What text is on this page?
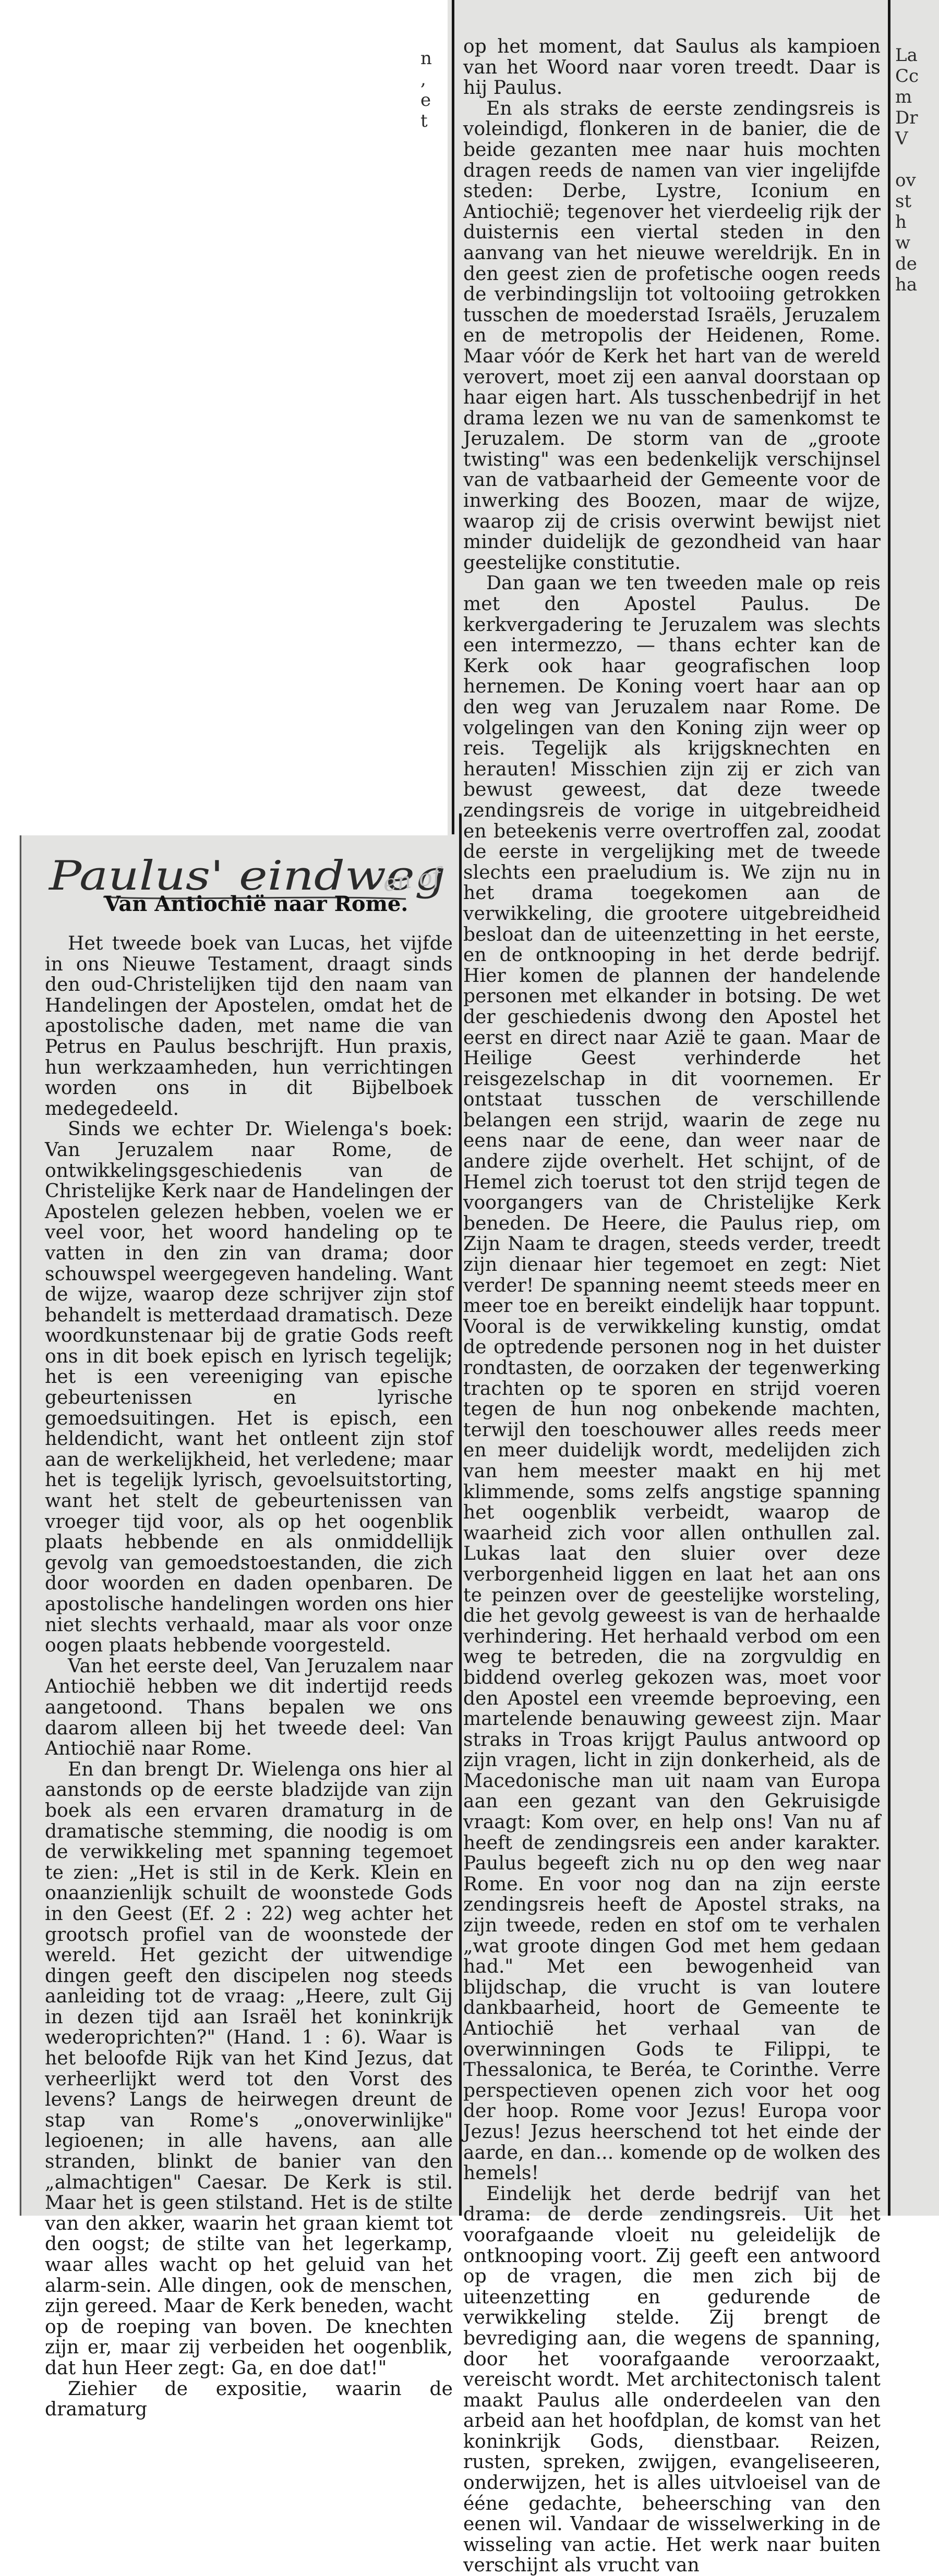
n
,
e
t
La
Cc
m
Dr
V
ov
st
h
w
de
ha
Paulus' eindweg
en of
Van Antiochië naar Rome.

op het moment, dat Saulus als kampioen van het Woord naar voren treedt. Daar is hij Paulus.

En als straks de eerste zendingsreis is voleindigd, flonkeren in de banier, die de beide gezanten mee naar huis mochten dragen reeds de namen van vier ingelijfde steden: Derbe, Lystre, Iconium en Antiochië; tegenover het vierdeelig rijk der duisternis een viertal steden in den aanvang van het nieuwe wereldrijk. En in den geest zien de profetische oogen reeds de verbindingslijn tot voltooiing getrokken tusschen de moederstad Israëls, Jeruzalem en de metropolis der Heidenen, Rome. Maar vóór de Kerk het hart van de wereld verovert, moet zij een aanval doorstaan op haar eigen hart. Als tusschenbedrijf in het drama lezen we nu van de samenkomst te Jeruzalem. De storm van de „groote twisting" was een bedenkelijk verschijnsel van de vatbaarheid der Gemeente voor de inwerking des Boozen, maar de wijze, waarop zij de crisis overwint bewijst niet minder duidelijk de gezondheid van haar geestelijke constitutie.

Dan gaan we ten tweeden male op reis met den Apostel Paulus. De kerkvergadering te Jeruzalem was slechts een intermezzo, — thans echter kan de Kerk ook haar geografischen loop hernemen. De Koning voert haar aan op den weg van Jeruzalem naar Rome. De volgelingen van den Koning zijn weer op reis. Tegelijk als krijgsknechten en herauten! Misschien zijn zij er zich van bewust geweest, dat deze tweede zendingsreis de vorige in uitgebreidheid en beteekenis verre overtroffen zal, zoodat de eerste in vergelijking met de tweede slechts een praeludium is. We zijn nu in het drama toegekomen aan de verwikkeling, die grootere uitgebreidheid besloat dan de uiteenzetting in het eerste, en de ontknooping in het derde bedrijf. Hier komen de plannen der handelende personen met elkander in botsing. De wet der geschiedenis dwong den Apostel het eerst en direct naar Azië te gaan. Maar de Heilige Geest verhinderde het reisgezelschap in dit voornemen. Er ontstaat tusschen de verschillende belangen een strijd, waarin de zege nu eens naar de eene, dan weer naar de andere zijde overhelt. Het schijnt, of de Hemel zich toerust tot den strijd tegen de voorgangers van de Christelijke Kerk beneden. De Heere, die Paulus riep, om Zijn Naam te dragen, steeds verder, treedt zijn dienaar hier tegemoet en zegt: Niet verder! De spanning neemt steeds meer en meer toe en bereikt eindelijk haar toppunt. Vooral is de verwikkeling kunstig, omdat de optredende personen nog in het duister rondtasten, de oorzaken der tegenwerking trachten op te sporen en strijd voeren tegen de hun nog onbekende machten, terwijl den toeschouwer alles reeds meer en meer duidelijk wordt, medelijden zich van hem meester maakt en hij met klimmende, soms zelfs angstige spanning het oogenblik verbeidt, waarop de waarheid zich voor allen onthullen zal. Lukas laat den sluier over deze verborgenheid liggen en laat het aan ons te peinzen over de geestelijke worsteling, die het gevolg geweest is van de herhaalde verhindering. Het herhaald verbod om een weg te betreden, die na zorgvuldig en biddend overleg gekozen was, moet voor den Apostel een vreemde beproeving, een martelende benauwing geweest zijn. Maar straks in Troas krijgt Paulus antwoord op zijn vragen, licht in zijn donkerheid, als de Macedonische man uit naam van Europa aan een gezant van den Gekruisigde vraagt: Kom over, en help ons! Van nu af heeft de zendingsreis een ander karakter. Paulus begeeft zich nu op den weg naar Rome. En voor nog dan na zijn eerste zendingsreis heeft de Apostel straks, na zijn tweede, reden en stof om te verhalen „wat groote dingen God met hem gedaan had." Met een bewogenheid van blijdschap, die vrucht is van loutere dankbaarheid, hoort de Gemeente te Antiochië het verhaal van de overwinningen Gods te Filippi, te Thessalonica, te Beréa, te Corinthe. Verre perspectieven openen zich voor het oog der hoop. Rome voor Jezus! Europa voor Jezus! Jezus heerschend tot het einde der aarde, en dan... komende op de wolken des hemels!

Eindelijk het derde bedrijf van het drama: de derde zendingsreis. Uit het voorafgaande vloeit nu geleidelijk de ontknooping voort. Zij geeft een antwoord op de vragen, die men zich bij de uiteenzetting en gedurende de verwikkeling stelde. Zij brengt de bevrediging aan, die wegens de spanning, door het voorafgaande veroorzaakt, vereischt wordt. Met architectonisch talent maakt Paulus alle onderdeelen van den arbeid aan het hoofdplan, de komst van het koninkrijk Gods, dienstbaar. Reizen, rusten, spreken, zwijgen, evangeliseeren, onderwijzen, het is alles uitvloeisel van de ééne gedachte, beheersching van den eenen wil. Vandaar de wisselwerking in de wisseling van actie. Het werk naar buiten verschijnt als vrucht van

Het tweede boek van Lucas, het vijfde in ons Nieuwe Testament, draagt sinds den oud-Christelijken tijd den naam van Handelingen der Apostelen, omdat het de apostolische daden, met name die van Petrus en Paulus beschrijft. Hun praxis, hun werkzaamheden, hun verrichtingen worden ons in dit Bijbelboek medegedeeld.

Sinds we echter Dr. Wielenga's boek: Van Jeruzalem naar Rome, de ontwikkelingsgeschiedenis van de Christelijke Kerk naar de Handelingen der Apostelen gelezen hebben, voelen we er veel voor, het woord handeling op te vatten in den zin van drama; door schouwspel weergegeven handeling. Want de wijze, waarop deze schrijver zijn stof behandelt is metterdaad dramatisch. Deze woordkunstenaar bij de gratie Gods reeft ons in dit boek episch en lyrisch tegelijk; het is een vereeniging van epische gebeurtenissen en lyrische gemoedsuitingen. Het is episch, een heldendicht, want het ontleent zijn stof aan de werkelijkheid, het verledene; maar het is tegelijk lyrisch, gevoelsuitstorting, want het stelt de gebeurtenissen van vroeger tijd voor, als op het oogenblik plaats hebbende en als onmiddellijk gevolg van gemoedstoestanden, die zich door woorden en daden openbaren. De apostolische handelingen worden ons hier niet slechts verhaald, maar als voor onze oogen plaats hebbende voorgesteld.

Van het eerste deel, Van Jeruzalem naar Antiochië hebben we dit indertijd reeds aangetoond. Thans bepalen we ons daarom alleen bij het tweede deel: Van Antiochië naar Rome.

En dan brengt Dr. Wielenga ons hier al aanstonds op de eerste bladzijde van zijn boek als een ervaren dramaturg in de dramatische stemming, die noodig is om de verwikkeling met spanning tegemoet te zien: „Het is stil in de Kerk. Klein en onaanzienlijk schuilt de woonstede Gods in den Geest (Ef. 2 : 22) weg achter het grootsch profiel van de woonstede der wereld. Het gezicht der uitwendige dingen geeft den discipelen nog steeds aanleiding tot de vraag: „Heere, zult Gij in dezen tijd aan Israël het koninkrijk wederoprichten?" (Hand. 1 : 6). Waar is het beloofde Rijk van het Kind Jezus, dat verheerlijkt werd tot den Vorst des levens? Langs de heirwegen dreunt de stap van Rome's „onoverwinlijke" legioenen; in alle havens, aan alle stranden, blinkt de banier van den „almachtigen" Caesar. De Kerk is stil. Maar het is geen stilstand. Het is de stilte van den akker, waarin het graan kiemt tot den oogst; de stilte van het legerkamp, waar alles wacht op het geluid van het alarm-sein. Alle dingen, ook de menschen, zijn gereed. Maar de Kerk beneden, wacht op de roeping van boven. De knechten zijn er, maar zij verbeiden het oogenblik, dat hun Heer zegt: Ga, en doe dat!"

Ziehier de expositie, waarin de dramaturg
